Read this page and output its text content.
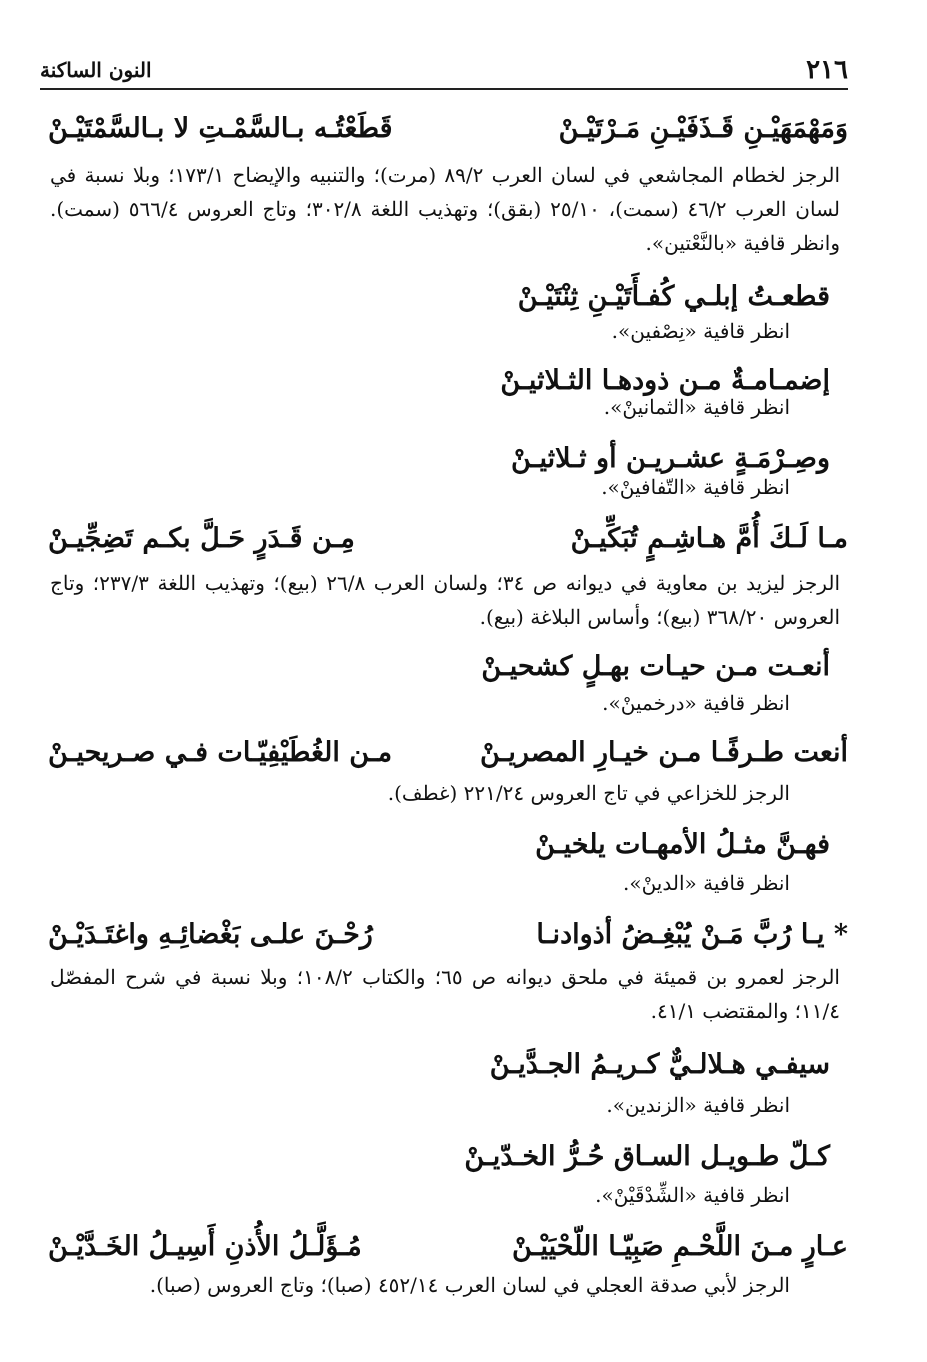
٢١٦
النون الساكنة
وَمَهْمَهَيْـنِ قَـذَفَيْـنِ مَـرْتَيْـنْ
قَطَعْتُـه بـالسَّمْـتِ لا بـالسَّمْتَيْـنْ
الرجز لخطام المجاشعي في لسان العرب ٨٩/٢ (مرت)؛ والتنبيه والإيضاح ١٧٣/١؛ وبلا نسبة في لسان العرب ٤٦/٢ (سمت)، ٢٥/١٠ (بقق)؛ وتهذيب اللغة ٣٠٢/٨؛ وتاج العروس ٥٦٦/٤ (سمت). وانظر قافية «بالنَّعْتين».
قطعـتُ إبلـي كُفـأَتَيْـنِ ثِنْتَيْـنْ
انظر قافية «نِصْفين».
إضمـامـةٌ مـن ذودهـا الثـلاثيـنْ
انظر قافية «الثمانينْ».
وصِـرْمَـةٍ عشـريـن أو ثـلاثيـنْ
انظر قافية «التّفافينْ».
مـا لَـكَ أُمَّ هـاشِـمٍ تُبَكِّيـنْ
مِـن قَـدَرٍ حَـلَّ بكـم تَضِجِّيـنْ
الرجز ليزيد بن معاوية في ديوانه ص ٣٤؛ ولسان العرب ٢٦/٨ (بيع)؛ وتهذيب اللغة ٢٣٧/٣؛ وتاج العروس ٣٦٨/٢٠ (بيع)؛ وأساس البلاغة (بيع).
أنعـت مـن حيـات بهـلٍ كشحيـنْ
انظر قافية «درخمينْ».
أنعت طـرفًـا مـن خيـارِ المصريـنْ
مـن الغُطَيْفِيّـات فـي صـريحيـنْ
الرجز للخزاعي في تاج العروس ٢٢١/٢٤ (غطف).
فهـنَّ مثـلُ الأمهـات يلخيـنْ
انظر قافية «الدينْ».
* يـا رُبَّ مَـنْ يُبْغِـضُ أذوادنـا
رُحْـنَ علـى بَغْضائِـهِ واغتَـدَيْـنْ
الرجز لعمرو بن قميئة في ملحق ديوانه ص ٦٥؛ والكتاب ١٠٨/٢؛ وبلا نسبة في شرح المفصّل ١١/٤؛ والمقتضب ٤١/١.
سيفـي هـلالـيٌّ كـريـمُ الجـدَّيـنْ
انظر قافية «الزندين».
كـلّ طـويـل السـاق حُـرُّ الخـدّيـنْ
انظر قافية «الشِّدْقَيْنْ».
عـارٍ مـنَ اللَّحْـمِ صَبِيّـا اللّحْيَيْـنْ
مُـؤَلَّـلُ الأُذنِ أَسِيـلُ الخَـدَّيْـنْ
الرجز لأبي صدقة العجلي في لسان العرب ٤٥٢/١٤ (صبا)؛ وتاج العروس (صبا).
